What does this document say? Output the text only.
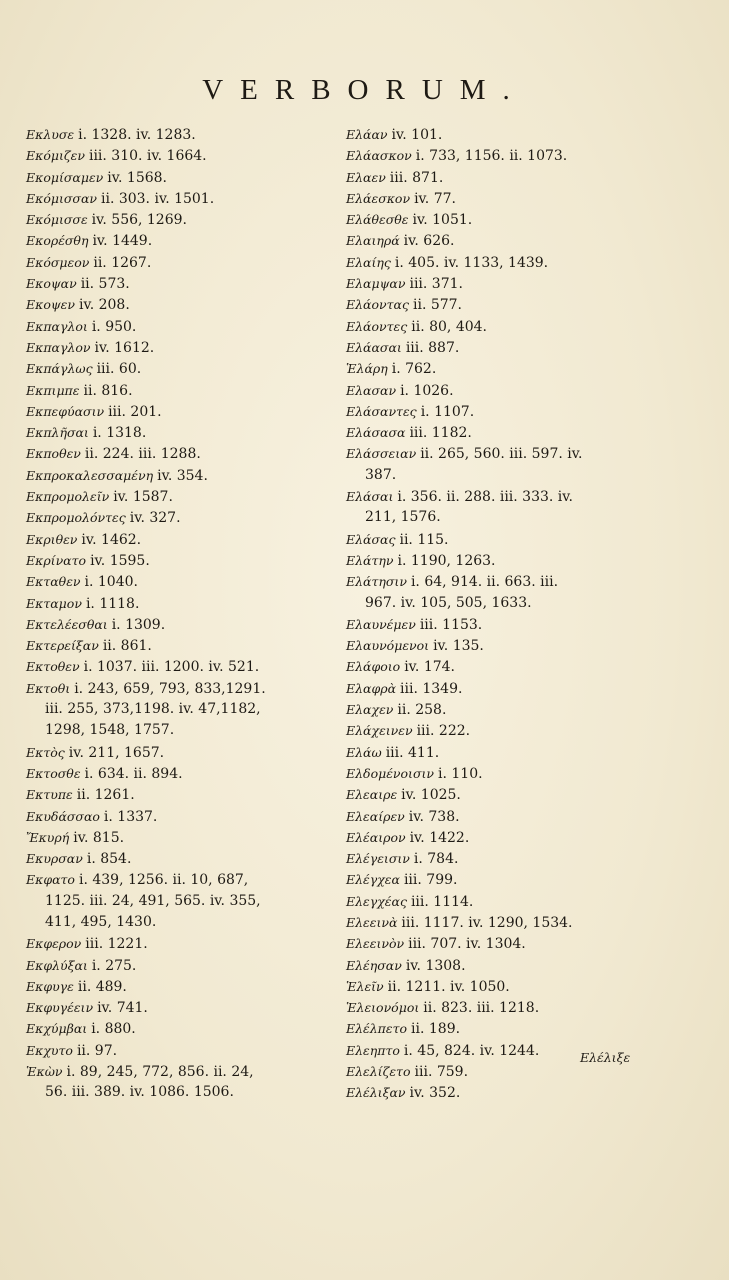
VERBORUM.
Εκλυσε i. 1328. iv. 1283.
Εκόμιζεν iii. 310. iv. 1664.
Εκομίσαμεν iv. 1568.
Εκόμισσαν ii. 303. iv. 1501.
Εκόμισσε iv. 556, 1269.
Εκορέσθη iv. 1449.
Εκόσμεον ii. 1267.
Εκοψαν ii. 573.
Εκοψεν iv. 208.
Εκπαγλοι i. 950.
Εκπαγλον iv. 1612.
Εκπάγλως iii. 60.
Εκπιμπε ii. 816.
Εκπεφύασιν iii. 201.
Εκπλῆσαι i. 1318.
Εκποθεν ii. 224. iii. 1288.
Εκπροκαλεσσαμένη iv. 354.
Εκπρομολεῖν iv. 1587.
Εκπρομολόντες iv. 327.
Εκριθεν iv. 1462.
Εκρίνατο iv. 1595.
Εκταθεν i. 1040.
Εκταμον i. 1118.
Εκτελέεσθαι i. 1309.
Εκτερείξαν ii. 861.
Εκτοθεν i. 1037. iii. 1200. iv. 521.
Εκτοθι i. 243, 659, 793, 833,1291.
iii. 255, 373,1198. iv. 47,1182,
1298, 1548, 1757.
Εκτὸς iv. 211, 1657.
Εκτοσθε i. 634. ii. 894.
Εκτυπε ii. 1261.
Εκυδάσσαο i. 1337.
Ἔκυρή iv. 815.
Εκυρσαν i. 854.
Εκφατο i. 439, 1256. ii. 10, 687,
1125. iii. 24, 491, 565. iv. 355,
411, 495, 1430.
Εκφερον iii. 1221.
Εκφλύξαι i. 275.
Εκφυγε ii. 489.
Εκφυγέειν iv. 741.
Εκχύμβαι i. 880.
Εκχυτο ii. 97.
Ἑκὼν i. 89, 245, 772, 856. ii. 24,
56. iii. 389. iv. 1086. 1506.
Ελάαν iv. 101.
Ελάασκον i. 733, 1156. ii. 1073.
Ελαεν iii. 871.
Ελάεσκον iv. 77.
Ελάθεσθε iv. 1051.
Ελαιηρά iv. 626.
Ελαίης i. 405. iv. 1133, 1439.
Ελαμψαν iii. 371.
Ελάοντας ii. 577.
Ελάοντες ii. 80, 404.
Ελάασαι iii. 887.
Ἑλάρη i. 762.
Ελασαν i. 1026.
Ελάσαντες i. 1107.
Ελάσασα iii. 1182.
Ελάσσειαν ii. 265, 560. iii. 597. iv.
387.
Ελάσαι i. 356. ii. 288. iii. 333. iv.
211, 1576.
Ελάσας ii. 115.
Ελάτην i. 1190, 1263.
Ελάτησιν i. 64, 914. ii. 663. iii.
967. iv. 105, 505, 1633.
Ελαυνέμεν iii. 1153.
Ελαυνόμενοι iv. 135.
Ελάφοιο iv. 174.
Ελαφρὰ iii. 1349.
Ελαχεν ii. 258.
Ελάχεινεν iii. 222.
Ελάω iii. 411.
Ελδομένοισιν i. 110.
Ελεαιρε iv. 1025.
Ελεαίρεν iv. 738.
Ελέαιρον iv. 1422.
Ελέγεισιν i. 784.
Ελέγχεα iii. 799.
Ελεγχέας iii. 1114.
Ελεεινὰ iii. 1117. iv. 1290, 1534.
Ελεεινὸν iii. 707. iv. 1304.
Ελέησαν iv. 1308.
Ἑλεῖν ii. 1211. iv. 1050.
Ἑλειονόμοι ii. 823. iii. 1218.
Ελέλπετο ii. 189.
Ελεηπτο i. 45, 824. iv. 1244.
Ελελίζετο iii. 759.
Ελέλιξαν iv. 352.
Ελέλιξε
